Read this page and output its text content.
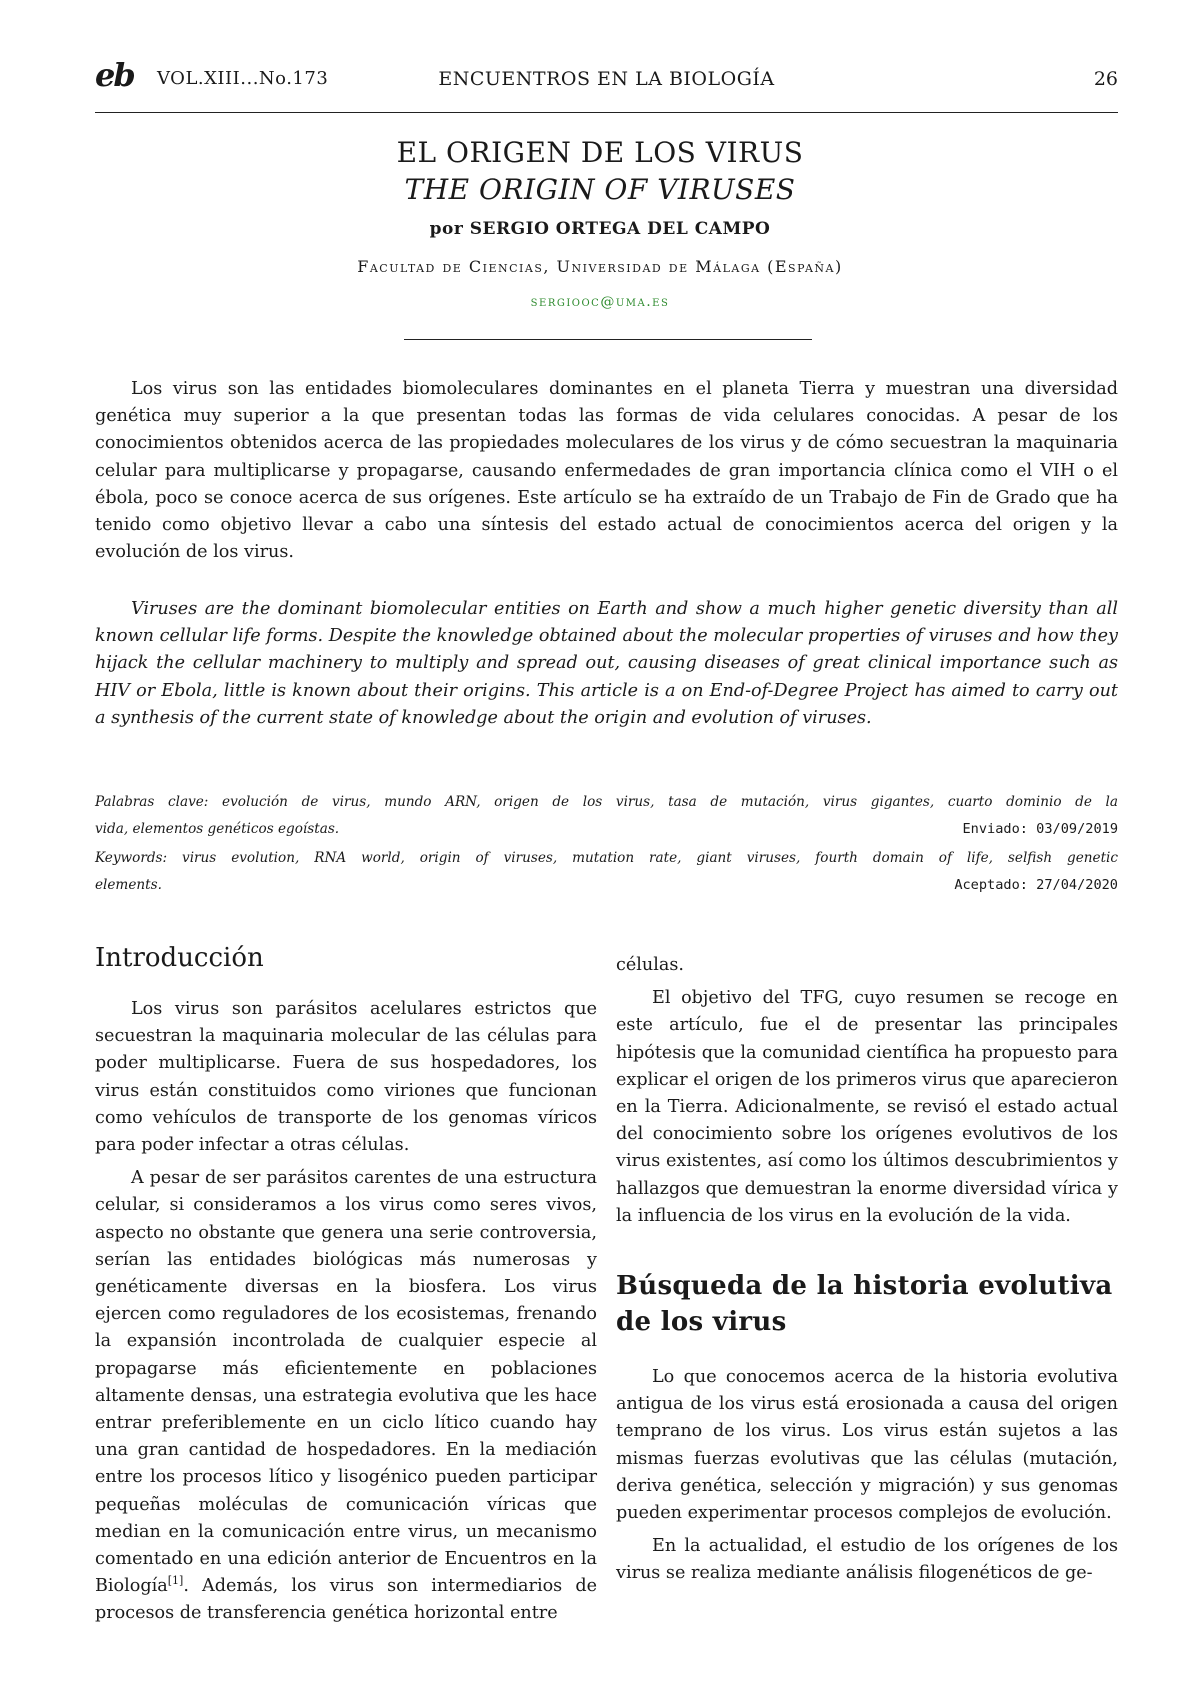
eb VOL.XIII...No.173	ENCUENTROS EN LA BIOLOGÍA	26
EL ORIGEN DE LOS VIRUS
THE ORIGIN OF VIRUSES
por SERGIO ORTEGA DEL CAMPO
Facultad de Ciencias, Universidad de Málaga (España)
sergiooc@uma.es

Los virus son las entidades biomoleculares dominantes en el planeta Tierra y muestran una diversidad genética muy superior a la que presentan todas las formas de vida celulares conocidas. A pesar de los conocimientos obtenidos acerca de las propiedades moleculares de los virus y de cómo secuestran la maquinaria celular para multiplicarse y propagarse, causando enfermedades de gran importancia clínica como el VIH o el ébola, poco se conoce acerca de sus orígenes. Este artículo se ha extraído de un Trabajo de Fin de Grado que ha tenido como objetivo llevar a cabo una síntesis del estado actual de conocimientos acerca del origen y la evolución de los virus.

Viruses are the dominant biomolecular entities on Earth and show a much higher genetic diversity than all known cellular life forms. Despite the knowledge obtained about the molecular properties of viruses and how they hijack the cellular machinery to multiply and spread out, causing diseases of great clinical importance such as HIV or Ebola, little is known about their origins. This article is a on End-of-Degree Project has aimed to carry out a synthesis of the current state of knowledge about the origin and evolution of viruses.

Palabras clave: evolución de virus, mundo ARN, origen de los virus, tasa de mutación, virus gigantes, cuarto dominio de la
vida, elementos genéticos egoístas.	Enviado: 03/09/2019
Keywords: virus evolution, RNA world, origin of viruses, mutation rate, giant viruses, fourth domain of life, selfish genetic
elements.	Aceptado: 27/04/2020
Introducción

Los virus son parásitos acelulares estrictos que secuestran la maquinaria molecular de las células para poder multiplicarse. Fuera de sus hospedadores, los virus están constituidos como viriones que funcionan como vehículos de transporte de los genomas víricos para poder infectar a otras células.

A pesar de ser parásitos carentes de una estructura celular, si consideramos a los virus como seres vivos, aspecto no obstante que genera una serie controversia, serían las entidades biológicas más numerosas y genéticamente diversas en la biosfera. Los virus ejercen como reguladores de los ecosistemas, frenando la expansión incontrolada de cualquier especie al propagarse más eficientemente en poblaciones altamente densas, una estrategia evolutiva que les hace entrar preferiblemente en un ciclo lítico cuando hay una gran cantidad de hospedadores. En la mediación entre los procesos lítico y lisogénico pueden participar pequeñas moléculas de comunicación víricas que median en la comunicación entre virus, un mecanismo comentado en una edición anterior de Encuentros en la Biología[1]. Además, los virus son intermediarios de procesos de transferencia genética horizontal entre

células.

El objetivo del TFG, cuyo resumen se recoge en este artículo, fue el de presentar las principales hipótesis que la comunidad científica ha propuesto para explicar el origen de los primeros virus que aparecieron en la Tierra. Adicionalmente, se revisó el estado actual del conocimiento sobre los orígenes evolutivos de los virus existentes, así como los últimos descubrimientos y hallazgos que demuestran la enorme diversidad vírica y la influencia de los virus en la evolución de la vida.

Búsqueda de la historia evolutiva de los virus

Lo que conocemos acerca de la historia evolutiva antigua de los virus está erosionada a causa del origen temprano de los virus. Los virus están sujetos a las mismas fuerzas evolutivas que las células (mutación, deriva genética, selección y migración) y sus genomas pueden experimentar procesos complejos de evolución.

En la actualidad, el estudio de los orígenes de los virus se realiza mediante análisis filogenéticos de ge-
